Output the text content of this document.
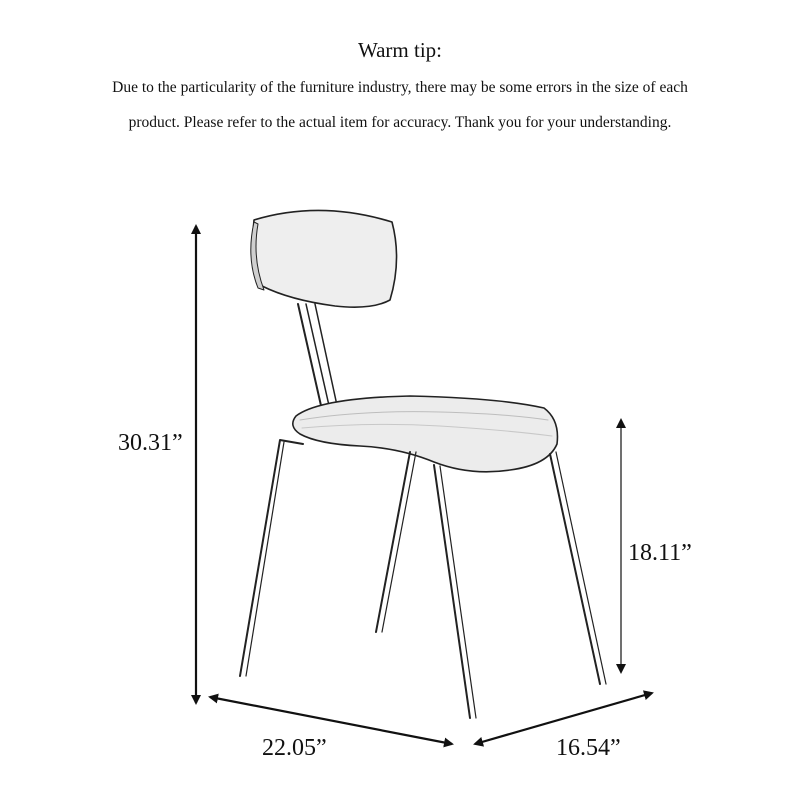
Warm tip:
Due to the particularity of the furniture industry, there may be some errors in the size of each
product. Please refer to the actual item for accuracy. Thank you for your understanding.
30.31”
18.11”
22.05”	16.54”
